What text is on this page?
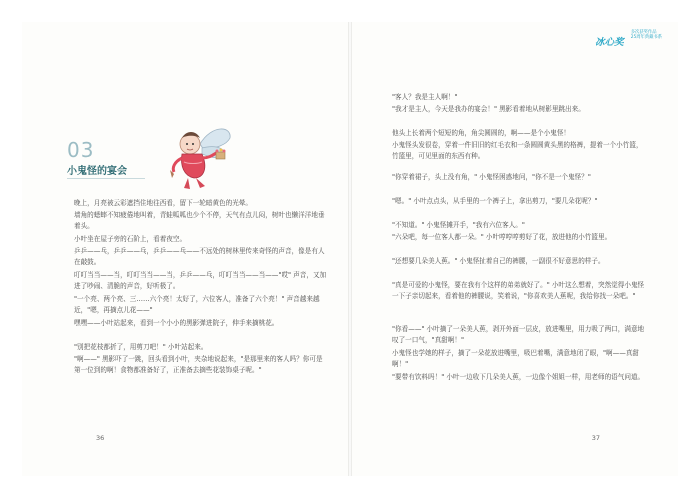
03
小鬼怪的宴会

晚上，月亮被云彩遮挡住地往西看，留下一轮暗黄色的光晕。

墙角的蟋蟀不知疲倦地叫着，青蛙呱呱也少个不停，天气有点儿闷，树叶也懒洋洋地垂着头。

小叶坐在屋子旁的石阶上，看着夜空。

乒乒——乓，乒乒——乓，乒乒——乓——不远处的树林里传来奇怪的声音，像是有人在敲鼓。

叮叮当当——当，叮叮当当——当，乒乒——乓，叮叮当当——当——"哎" 声音，又加进了吵闹、清脆的声音，好听极了。

"一个亮、两个亮、三……六个亮！太好了，六位客人，准备了六个亮！" 声音越来越近，"嗯，再摘点儿花——"

嘿嘿——小叶站起来，看到一个小小的黑影弹进院子，伸手来摘桃花。

"别把花枝都折了，用剪刀吧！" 小叶站起来。

"啊——" 黑影吓了一跳，回头看到小叶，夹杂地说起来，"是那里来的客人吗？你可是第一位到的啊！食物都准备好了，正准备去摘些花装饰桌子呢。"

36
冰心奖 多次获奖作品
25周年典藏书系

"客人？我是主人啊！"

"我才是主人，今天是我办的宴会！" 黑影看着地从树影里跳出来。

他头上长着两个短短的角，角尖圆圆的，啊——是个小鬼怪！

小鬼怪头发很卷，穿着一件旧旧的红毛衣和一条圆圆黄头黑的格裤，提着一个小竹篮，竹篮里，可见里面的东西有种。

"你穿着裙子，头上没有角，" 小鬼怪困惑地问，"你不是一个鬼怪？"

"嗯。" 小叶点点头，从手里的一个裤子上，拿出剪刀，"要几朵花呢？"

"不知道。" 小鬼怪摊开手，"我有六位客人。"

"六朵吧，每一位客人都一朵。" 小叶哼哼哼剪好了花，放进他的小竹篮里。

"还想要几朵美人蕉。" 小鬼怪扯着自己的裤腰，一副很不好意思的样子。

"真是可爱的小鬼怪，要在我有个这样的弟弟就好了。" 小叶这么想着，突然觉得小鬼怪一下子亲切起来，看着他的裤腰说，笑着说，"你喜欢美人蕉呢，我给你找一朵吧。"

"你看——" 小叶摘了一朵美人蕉，剥开外面一层皮，放进嘴里，用力吸了两口，满意地叹了一口气，"真甜啊！"

小鬼怪也学她的样子，摘了一朵花放进嘴里，吸巴着嘴，满意地闭了眼，"啊——真甜啊！"

"要带有饮料吗！" 小叶一边收下几朵美人蕉，一边像个姐姐一样，用老师的语气问道。

37
